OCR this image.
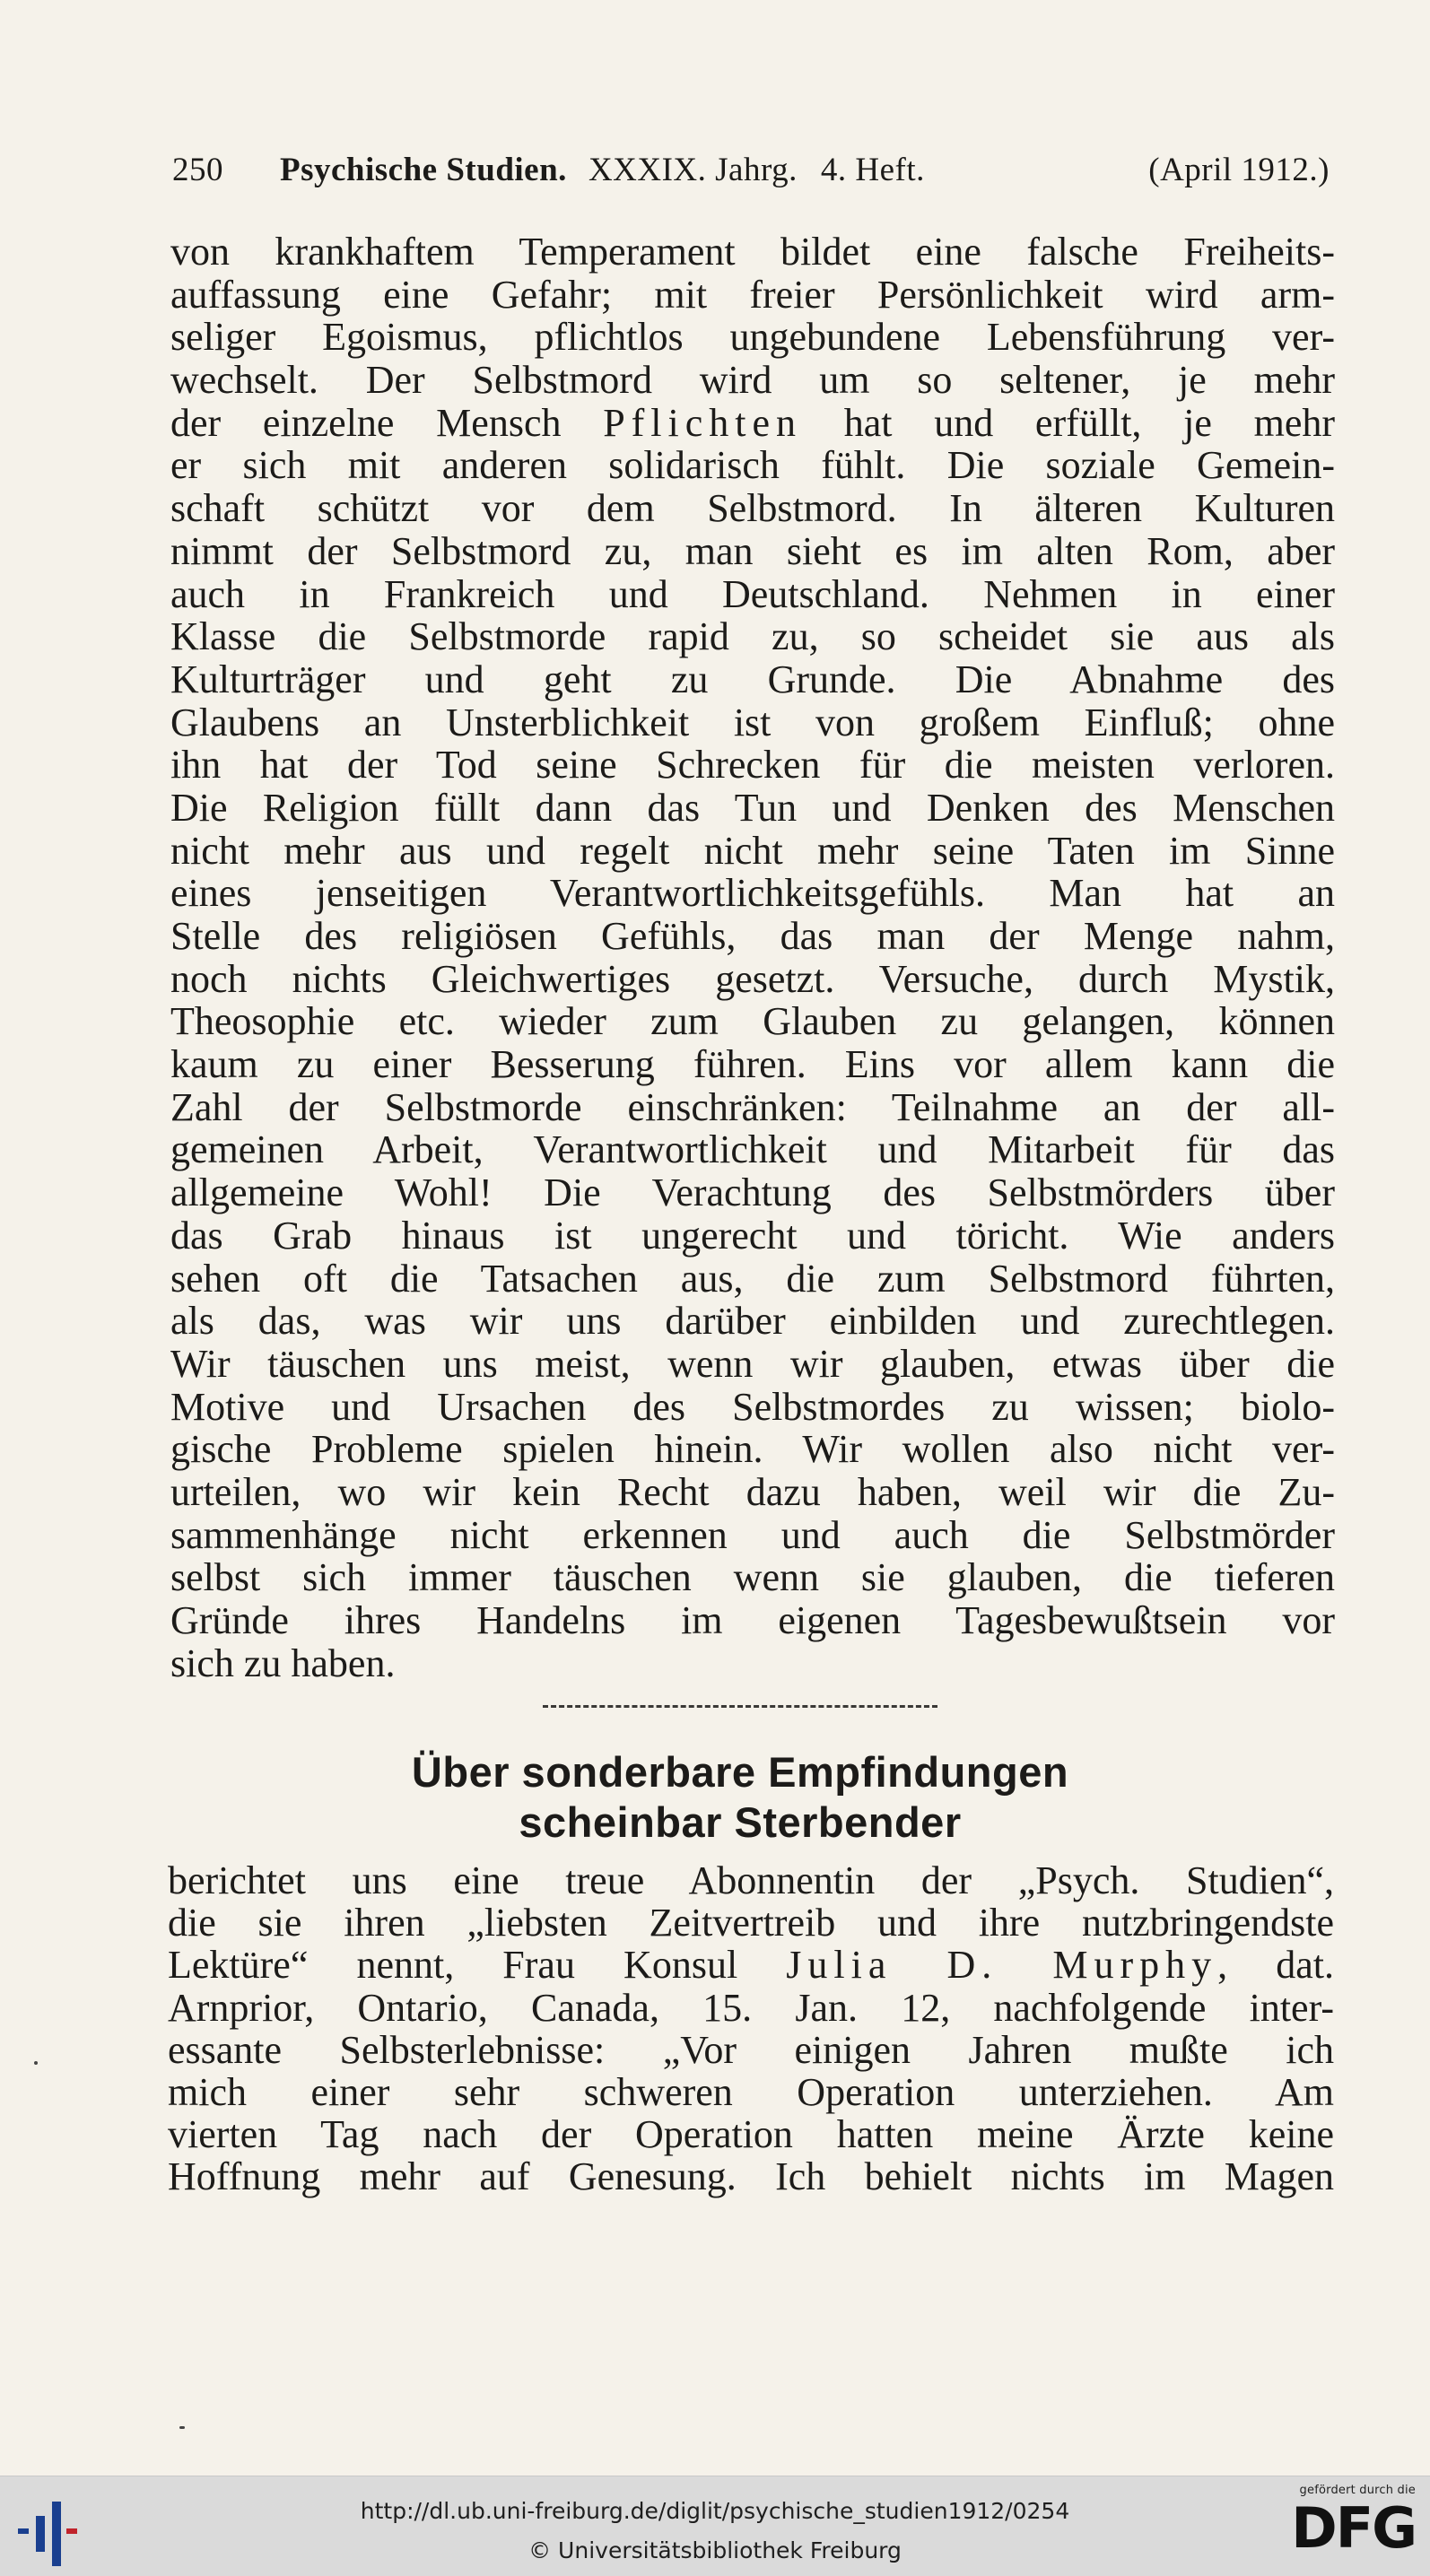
250	Psychische Studien. XXXIX. Jahrg. 4. Heft.	(April 1912.)
von krankhaftem Temperament bildet eine falsche Freiheits-
auffassung eine Gefahr; mit freier Persönlichkeit wird arm-
seliger Egoismus, pflichtlos ungebundene Lebensführung ver-
wechselt. Der Selbstmord wird um so seltener, je mehr
der einzelne Mensch Pflichten hat und erfüllt, je mehr
er sich mit anderen solidarisch fühlt. Die soziale Gemein-
schaft schützt vor dem Selbstmord. In älteren Kulturen
nimmt der Selbstmord zu, man sieht es im alten Rom, aber
auch in Frankreich und Deutschland. Nehmen in einer
Klasse die Selbstmorde rapid zu, so scheidet sie aus als
Kulturträger und geht zu Grunde. Die Abnahme des
Glaubens an Unsterblichkeit ist von großem Einfluß; ohne
ihn hat der Tod seine Schrecken für die meisten verloren.
Die Religion füllt dann das Tun und Denken des Menschen
nicht mehr aus und regelt nicht mehr seine Taten im Sinne
eines jenseitigen Verantwortlichkeitsgefühls. Man hat an
Stelle des religiösen Gefühls, das man der Menge nahm,
noch nichts Gleichwertiges gesetzt. Versuche, durch Mystik,
Theosophie etc. wieder zum Glauben zu gelangen, können
kaum zu einer Besserung führen. Eins vor allem kann die
Zahl der Selbstmorde einschränken: Teilnahme an der all-
gemeinen Arbeit, Verantwortlichkeit und Mitarbeit für das
allgemeine Wohl! Die Verachtung des Selbstmörders über
das Grab hinaus ist ungerecht und töricht. Wie anders
sehen oft die Tatsachen aus, die zum Selbstmord führten,
als das, was wir uns darüber einbilden und zurechtlegen.
Wir täuschen uns meist, wenn wir glauben, etwas über die
Motive und Ursachen des Selbstmordes zu wissen; biolo-
gische Probleme spielen hinein. Wir wollen also nicht ver-
urteilen, wo wir kein Recht dazu haben, weil wir die Zu-
sammenhänge nicht erkennen und auch die Selbstmörder
selbst sich immer täuschen wenn sie glauben, die tieferen
Gründe ihres Handelns im eigenen Tagesbewußtsein vor
sich zu haben.
Über sonderbare Empfindungen
scheinbar Sterbender
berichtet uns eine treue Abonnentin der „Psych. Studien“,
die sie ihren „liebsten Zeitvertreib und ihre nutzbringendste
Lektüre“ nennt, Frau Konsul Julia D. Murphy, dat.
Arnprior, Ontario, Canada, 15. Jan. 12, nachfolgende inter-
essante Selbsterlebnisse: „Vor einigen Jahren mußte ich
mich einer sehr schweren Operation unterziehen. Am
vierten Tag nach der Operation hatten meine Ärzte keine
Hoffnung mehr auf Genesung. Ich behielt nichts im Magen
http://dl.ub.uni-freiburg.de/diglit/psychische_studien1912/0254
© Universitätsbibliothek Freiburg
gefördert durch die
DFG
